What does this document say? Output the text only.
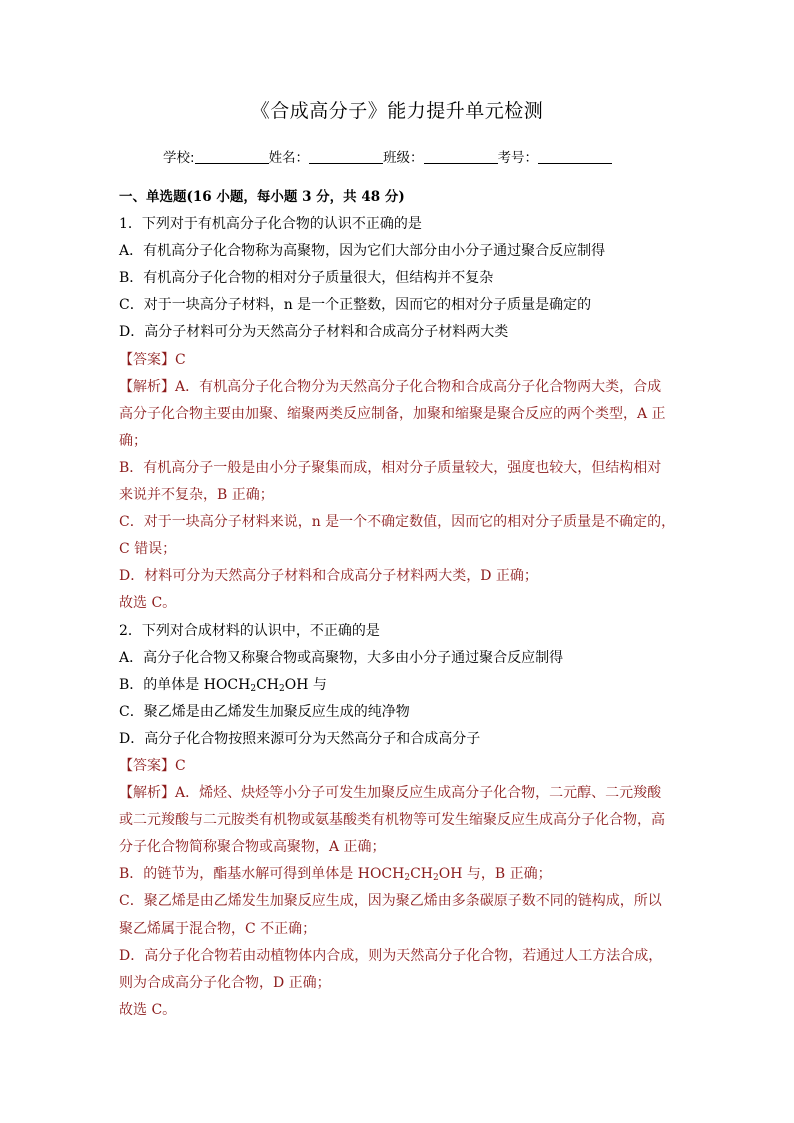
《合成高分子》能力提升单元检测
学校:	姓名：	班级：	考号：
一、单选题(16 小题，每小题 3 分，共 48 分)
1．下列对于有机高分子化合物的认识不正确的是
A．有机高分子化合物称为高聚物，因为它们大部分由小分子通过聚合反应制得
B．有机高分子化合物的相对分子质量很大，但结构并不复杂
C．对于一块高分子材料，n 是一个正整数，因而它的相对分子质量是确定的
D．高分子材料可分为天然高分子材料和合成高分子材料两大类
【答案】C
【解析】A．有机高分子化合物分为天然高分子化合物和合成高分子化合物两大类，合成
高分子化合物主要由加聚、缩聚两类反应制备，加聚和缩聚是聚合反应的两个类型，A 正
确；
B．有机高分子一般是由小分子聚集而成，相对分子质量较大，强度也较大，但结构相对
来说并不复杂，B 正确；
C．对于一块高分子材料来说，n 是一个不确定数值，因而它的相对分子质量是不确定的，
C 错误；
D．材料可分为天然高分子材料和合成高分子材料两大类，D 正确；
故选 C。
2．下列对合成材料的认识中，不正确的是
A．高分子化合物又称聚合物或高聚物，大多由小分子通过聚合反应制得
B．的单体是 $HOCH_2CH_2OH$ 与
C．聚乙烯是由乙烯发生加聚反应生成的纯净物
D．高分子化合物按照来源可分为天然高分子和合成高分子
【答案】C
【解析】A．烯烃、炔烃等小分子可发生加聚反应生成高分子化合物，二元醇、二元羧酸
或二元羧酸与二元胺类有机物或氨基酸类有机物等可发生缩聚反应生成高分子化合物，高
分子化合物简称聚合物或高聚物，A 正确；
B．的链节为，酯基水解可得到单体是 $HOCH_2CH_2OH$ 与，B 正确；
C．聚乙烯是由乙烯发生加聚反应生成，因为聚乙烯由多条碳原子数不同的链构成，所以
聚乙烯属于混合物，C 不正确；
D．高分子化合物若由动植物体内合成，则为天然高分子化合物，若通过人工方法合成，
则为合成高分子化合物，D 正确；
故选 C。
